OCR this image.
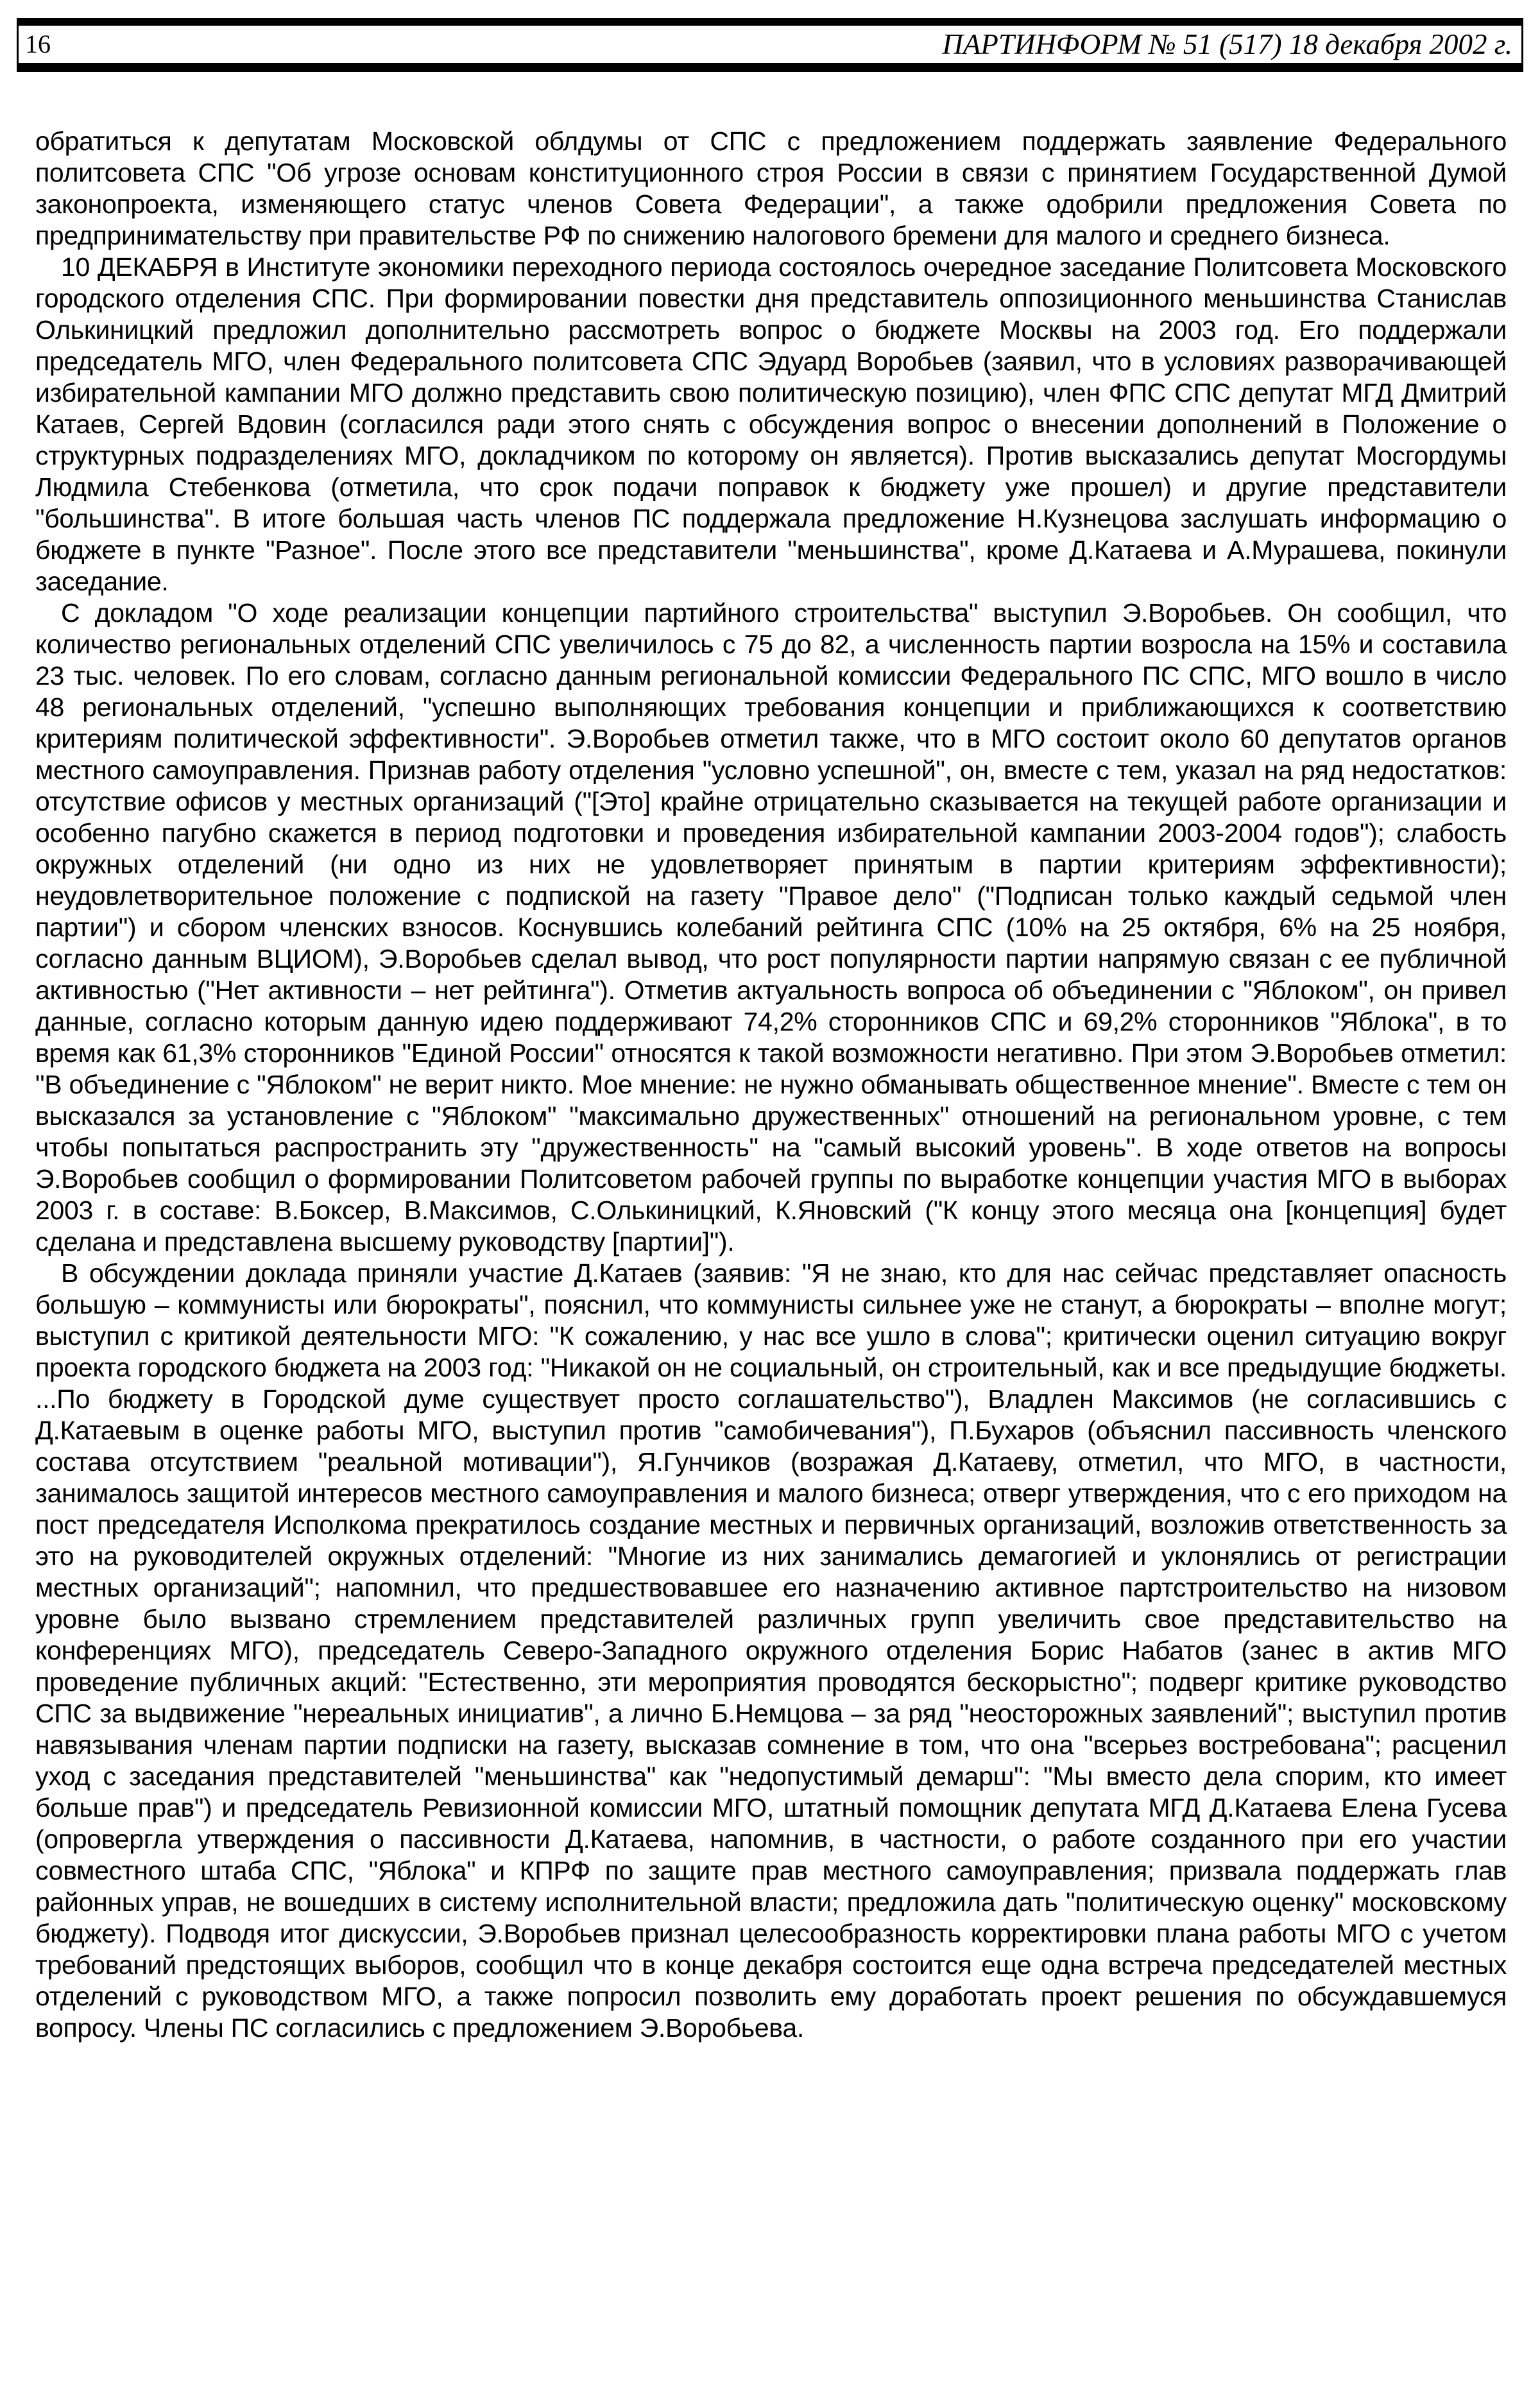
16	ПАРТИНФОРМ № 51 (517) 18 декабря 2002 г.

обратиться к депутатам Московской облдумы от СПС с предложением поддержать заявление Федерального политсовета СПС "Об угрозе основам конституционного строя России в связи с принятием Государственной Думой законопроекта, изменяющего статус членов Совета Федерации", а также одобрили предложения Совета по предпринимательству при правительстве РФ по снижению налогового бремени для малого и среднего бизнеса.

10 ДЕКАБРЯ в Институте экономики переходного периода состоялось очередное заседание Политсовета Московского городского отделения СПС. При формировании повестки дня представитель оппозиционного меньшинства Станислав Олькиницкий предложил дополнительно рассмотреть вопрос о бюджете Москвы на 2003 год. Его поддержали председатель МГО, член Федерального политсовета СПС Эдуард Воробьев (заявил, что в условиях разворачивающей избирательной кампании МГО должно представить свою политическую позицию), член ФПС СПС депутат МГД Дмитрий Катаев, Сергей Вдовин (согласился ради этого снять с обсуждения вопрос о внесении дополнений в Положение о структурных подразделениях МГО, докладчиком по которому он является). Против высказались депутат Мосгордумы Людмила Стебенкова (отметила, что срок подачи поправок к бюджету уже прошел) и другие представители "большинства". В итоге большая часть членов ПС поддержала предложение Н.Кузнецова заслушать информацию о бюджете в пункте "Разное". После этого все представители "меньшинства", кроме Д.Катаева и А.Мурашева, покинули заседание.

С докладом "О ходе реализации концепции партийного строительства" выступил Э.Воробьев. Он сообщил, что количество региональных отделений СПС увеличилось с 75 до 82, а численность партии возросла на 15% и составила 23 тыс. человек. По его словам, согласно данным региональной комиссии Федерального ПС СПС, МГО вошло в число 48 региональных отделений, "успешно выполняющих требования концепции и приближающихся к соответствию критериям политической эффективности". Э.Воробьев отметил также, что в МГО состоит около 60 депутатов органов местного самоуправления. Признав работу отделения "условно успешной", он, вместе с тем, указал на ряд недостатков: отсутствие офисов у местных организаций ("[Это] крайне отрицательно сказывается на текущей работе организации и особенно пагубно скажется в период подготовки и проведения избирательной кампании 2003-2004 годов"); слабость окружных отделений (ни одно из них не удовлетворяет принятым в партии критериям эффективности); неудовлетворительное положение с подпиской на газету "Правое дело" ("Подписан только каждый седьмой член партии") и сбором членских взносов. Коснувшись колебаний рейтинга СПС (10% на 25 октября, 6% на 25 ноября, согласно данным ВЦИОМ), Э.Воробьев сделал вывод, что рост популярности партии напрямую связан с ее публичной активностью ("Нет активности – нет рейтинга"). Отметив актуальность вопроса об объединении с "Яблоком", он привел данные, согласно которым данную идею поддерживают 74,2% сторонников СПС и 69,2% сторонников "Яблока", в то время как 61,3% сторонников "Единой России" относятся к такой возможности негативно. При этом Э.Воробьев отметил: "В объединение с "Яблоком" не верит никто. Мое мнение: не нужно обманывать общественное мнение". Вместе с тем он высказался за установление с "Яблоком" "максимально дружественных" отношений на региональном уровне, с тем чтобы попытаться распространить эту "дружественность" на "самый высокий уровень". В ходе ответов на вопросы Э.Воробьев сообщил о формировании Политсоветом рабочей группы по выработке концепции участия МГО в выборах 2003 г. в составе: В.Боксер, В.Максимов, С.Олькиницкий, К.Яновский ("К концу этого месяца она [концепция] будет сделана и представлена высшему руководству [партии]").

В обсуждении доклада приняли участие Д.Катаев (заявив: "Я не знаю, кто для нас сейчас представляет опасность большую – коммунисты или бюрократы", пояснил, что коммунисты сильнее уже не станут, а бюрократы – вполне могут; выступил с критикой деятельности МГО: "К сожалению, у нас все ушло в слова"; критически оценил ситуацию вокруг проекта городского бюджета на 2003 год: "Никакой он не социальный, он строительный, как и все предыдущие бюджеты. ...По бюджету в Городской думе существует просто соглашательство"), Владлен Максимов (не согласившись с Д.Катаевым в оценке работы МГО, выступил против "самобичевания"), П.Бухаров (объяснил пассивность членского состава отсутствием "реальной мотивации"), Я.Гунчиков (возражая Д.Катаеву, отметил, что МГО, в частности, занималось защитой интересов местного самоуправления и малого бизнеса; отверг утверждения, что с его приходом на пост председателя Исполкома прекратилось создание местных и первичных организаций, возложив ответственность за это на руководителей окружных отделений: "Многие из них занимались демагогией и уклонялись от регистрации местных организаций"; напомнил, что предшествовавшее его назначению активное партстроительство на низовом уровне было вызвано стремлением представителей различных групп увеличить свое представительство на конференциях МГО), председатель Северо-Западного окружного отделения Борис Набатов (занес в актив МГО проведение публичных акций: "Естественно, эти мероприятия проводятся бескорыстно"; подверг критике руководство СПС за выдвижение "нереальных инициатив", а лично Б.Немцова – за ряд "неосторожных заявлений"; выступил против навязывания членам партии подписки на газету, высказав сомнение в том, что она "всерьез востребована"; расценил уход с заседания представителей "меньшинства" как "недопустимый демарш": "Мы вместо дела спорим, кто имеет больше прав") и председатель Ревизионной комиссии МГО, штатный помощник депутата МГД Д.Катаева Елена Гусева (опровергла утверждения о пассивности Д.Катаева, напомнив, в частности, о работе созданного при его участии совместного штаба СПС, "Яблока" и КПРФ по защите прав местного самоуправления; призвала поддержать глав районных управ, не вошедших в систему исполнительной власти; предложила дать "политическую оценку" московскому бюджету). Подводя итог дискуссии, Э.Воробьев признал целесообразность корректировки плана работы МГО с учетом требований предстоящих выборов, сообщил что в конце декабря состоится еще одна встреча председателей местных отделений с руководством МГО, а также попросил позволить ему доработать проект решения по обсуждавшемуся вопросу. Члены ПС согласились с предложением Э.Воробьева.
